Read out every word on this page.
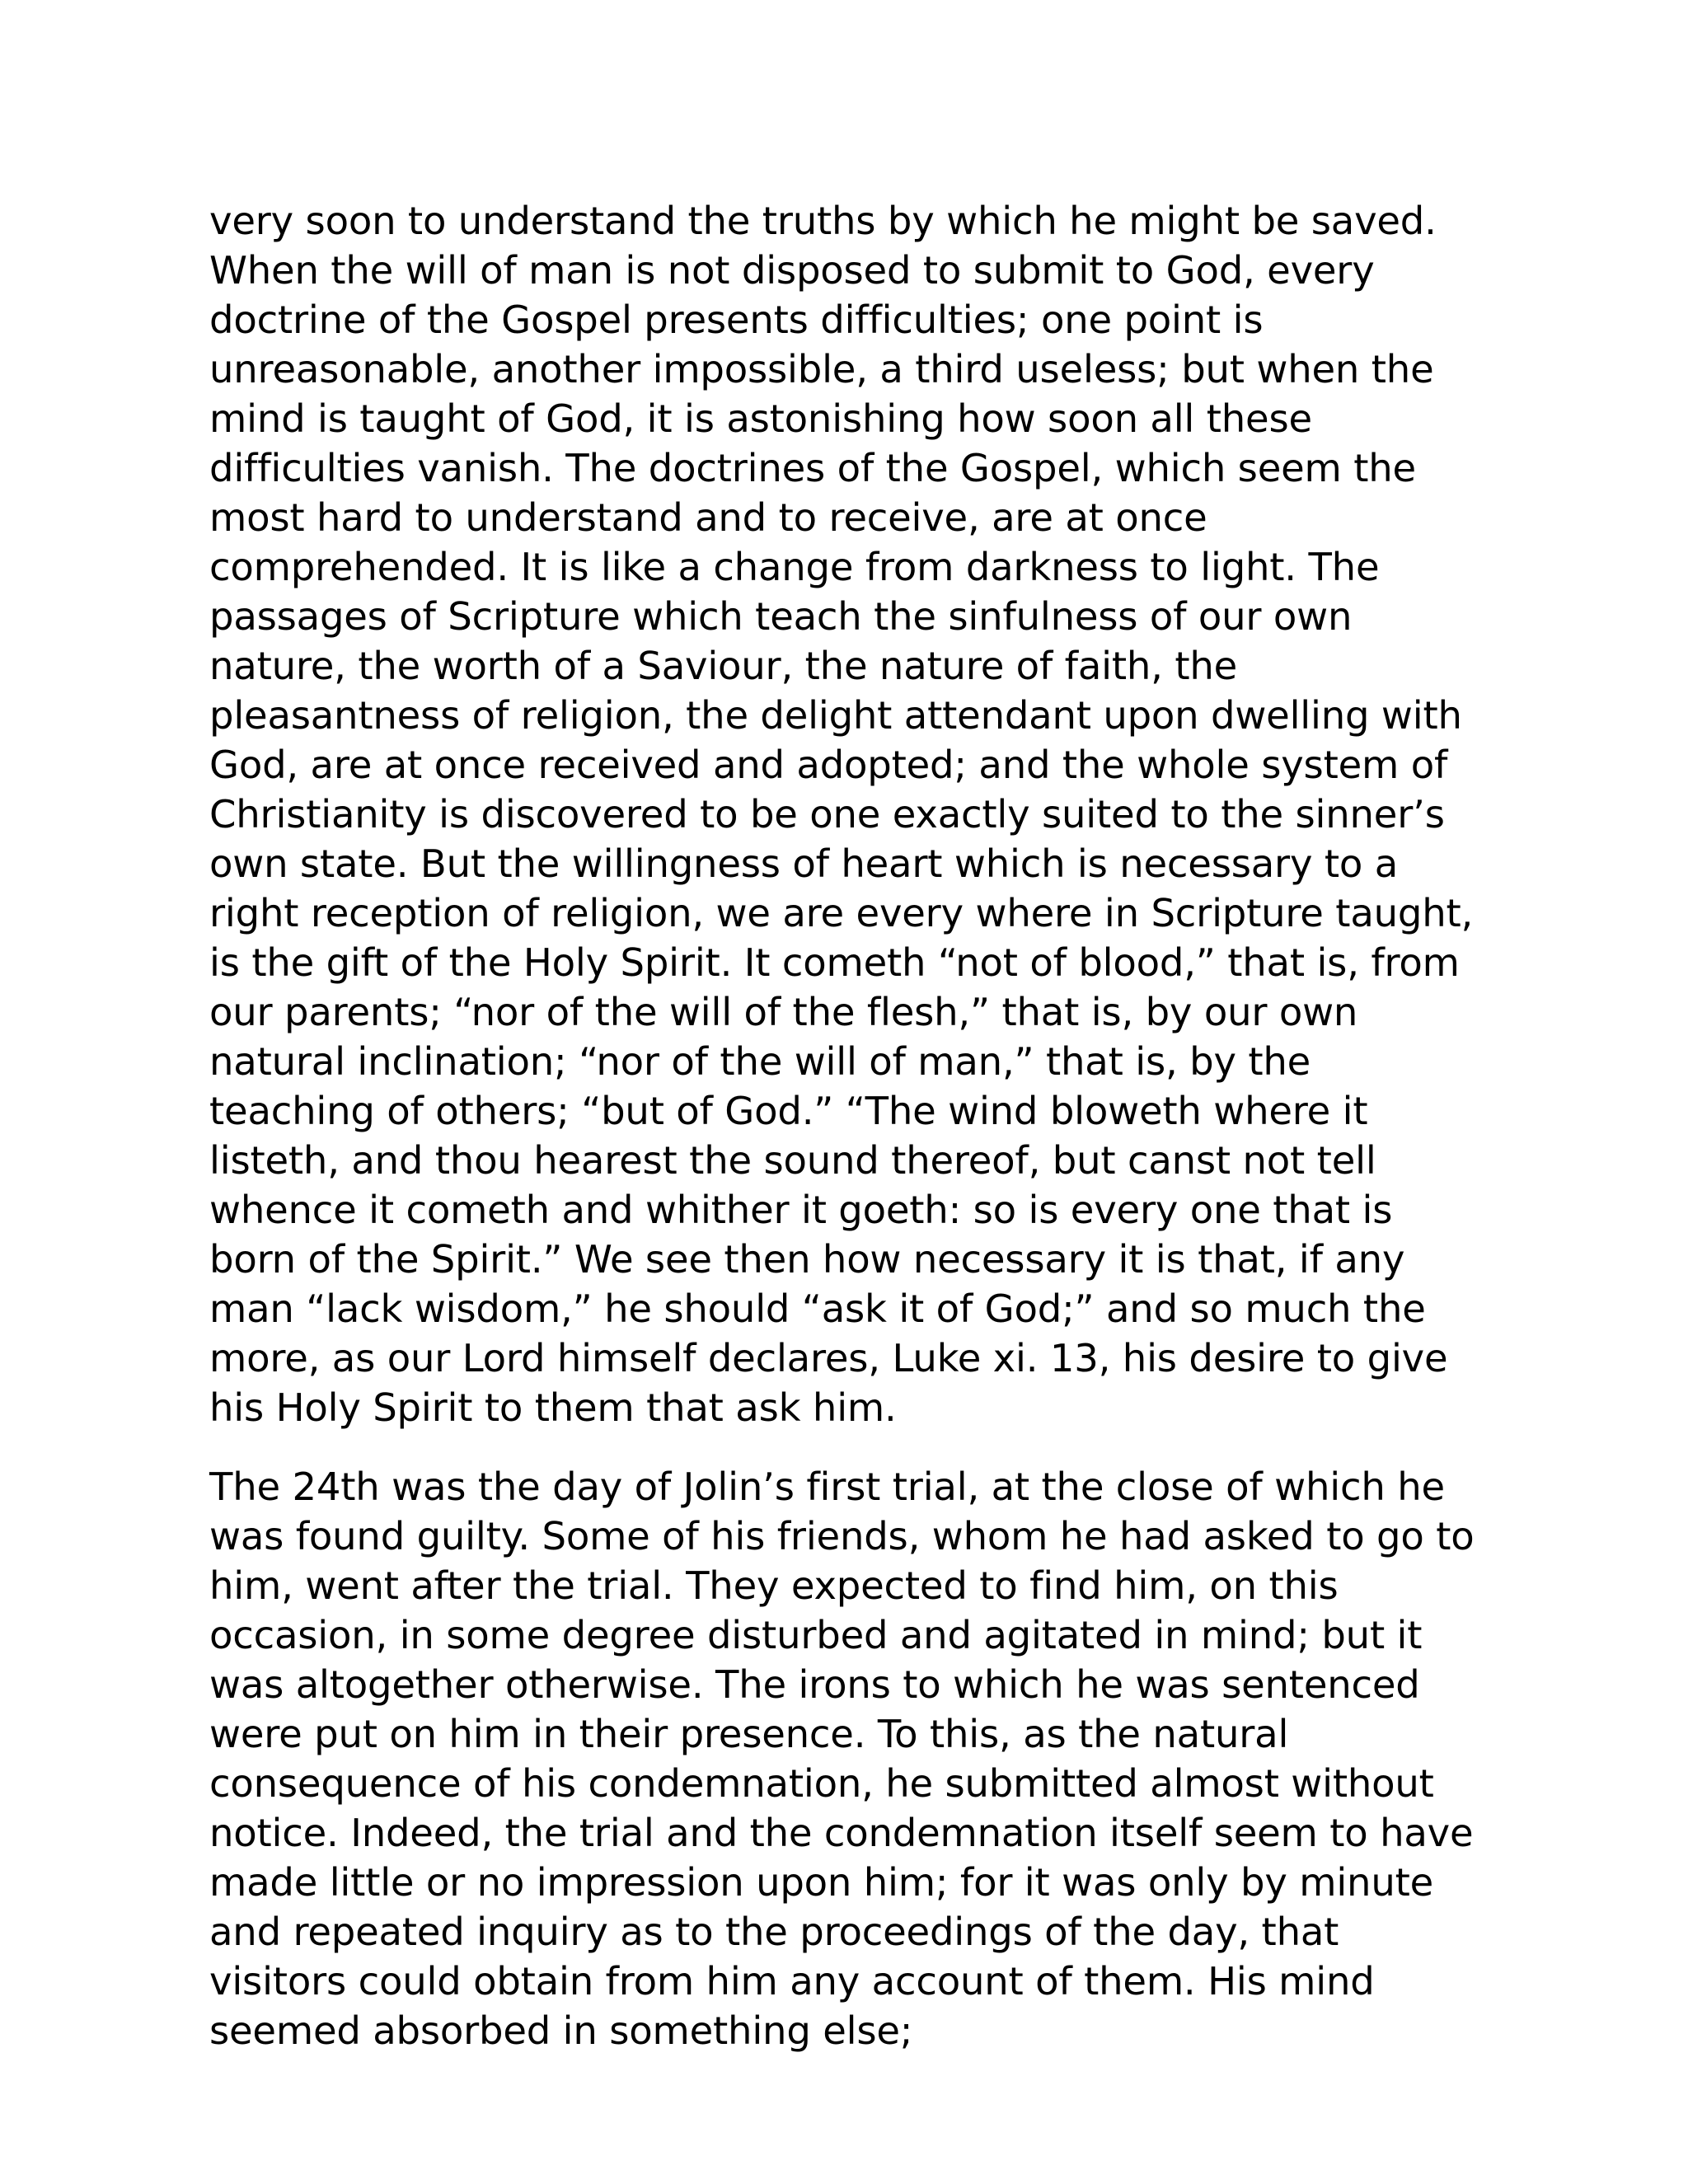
very soon to understand the truths by which he might be saved. When the will of man is not disposed to submit to God, every doctrine of the Gospel presents difficulties; one point is unreasonable, another impossible, a third useless; but when the mind is taught of God, it is astonishing how soon all these difficulties vanish. The doctrines of the Gospel, which seem the most hard to understand and to receive, are at once comprehended. It is like a change from darkness to light. The passages of Scripture which teach the sinfulness of our own nature, the worth of a Saviour, the nature of faith, the pleasantness of religion, the delight attendant upon dwelling with God, are at once received and adopted; and the whole system of Christianity is discovered to be one exactly suited to the sinner’s own state. But the willingness of heart which is necessary to a right reception of religion, we are every where in Scripture taught, is the gift of the Holy Spirit. It cometh “not of blood,” that is, from our parents; “nor of the will of the flesh,” that is, by our own natural inclination; “nor of the will of man,” that is, by the teaching of others; “but of God.” “The wind bloweth where it listeth, and thou hearest the sound thereof, but canst not tell whence it cometh and whither it goeth: so is every one that is born of the Spirit.” We see then how necessary it is that, if any man “lack wisdom,” he should “ask it of God;” and so much the more, as our Lord himself declares, Luke xi. 13, his desire to give his Holy Spirit to them that ask him.

The 24th was the day of Jolin’s first trial, at the close of which he was found guilty. Some of his friends, whom he had asked to go to him, went after the trial. They expected to find him, on this occasion, in some degree disturbed and agitated in mind; but it was altogether otherwise. The irons to which he was sentenced were put on him in their presence. To this, as the natural consequence of his condemnation, he submitted almost without notice. Indeed, the trial and the condemnation itself seem to have made little or no impression upon him; for it was only by minute and repeated inquiry as to the proceedings of the day, that visitors could obtain from him any account of them. His mind seemed absorbed in something else;
